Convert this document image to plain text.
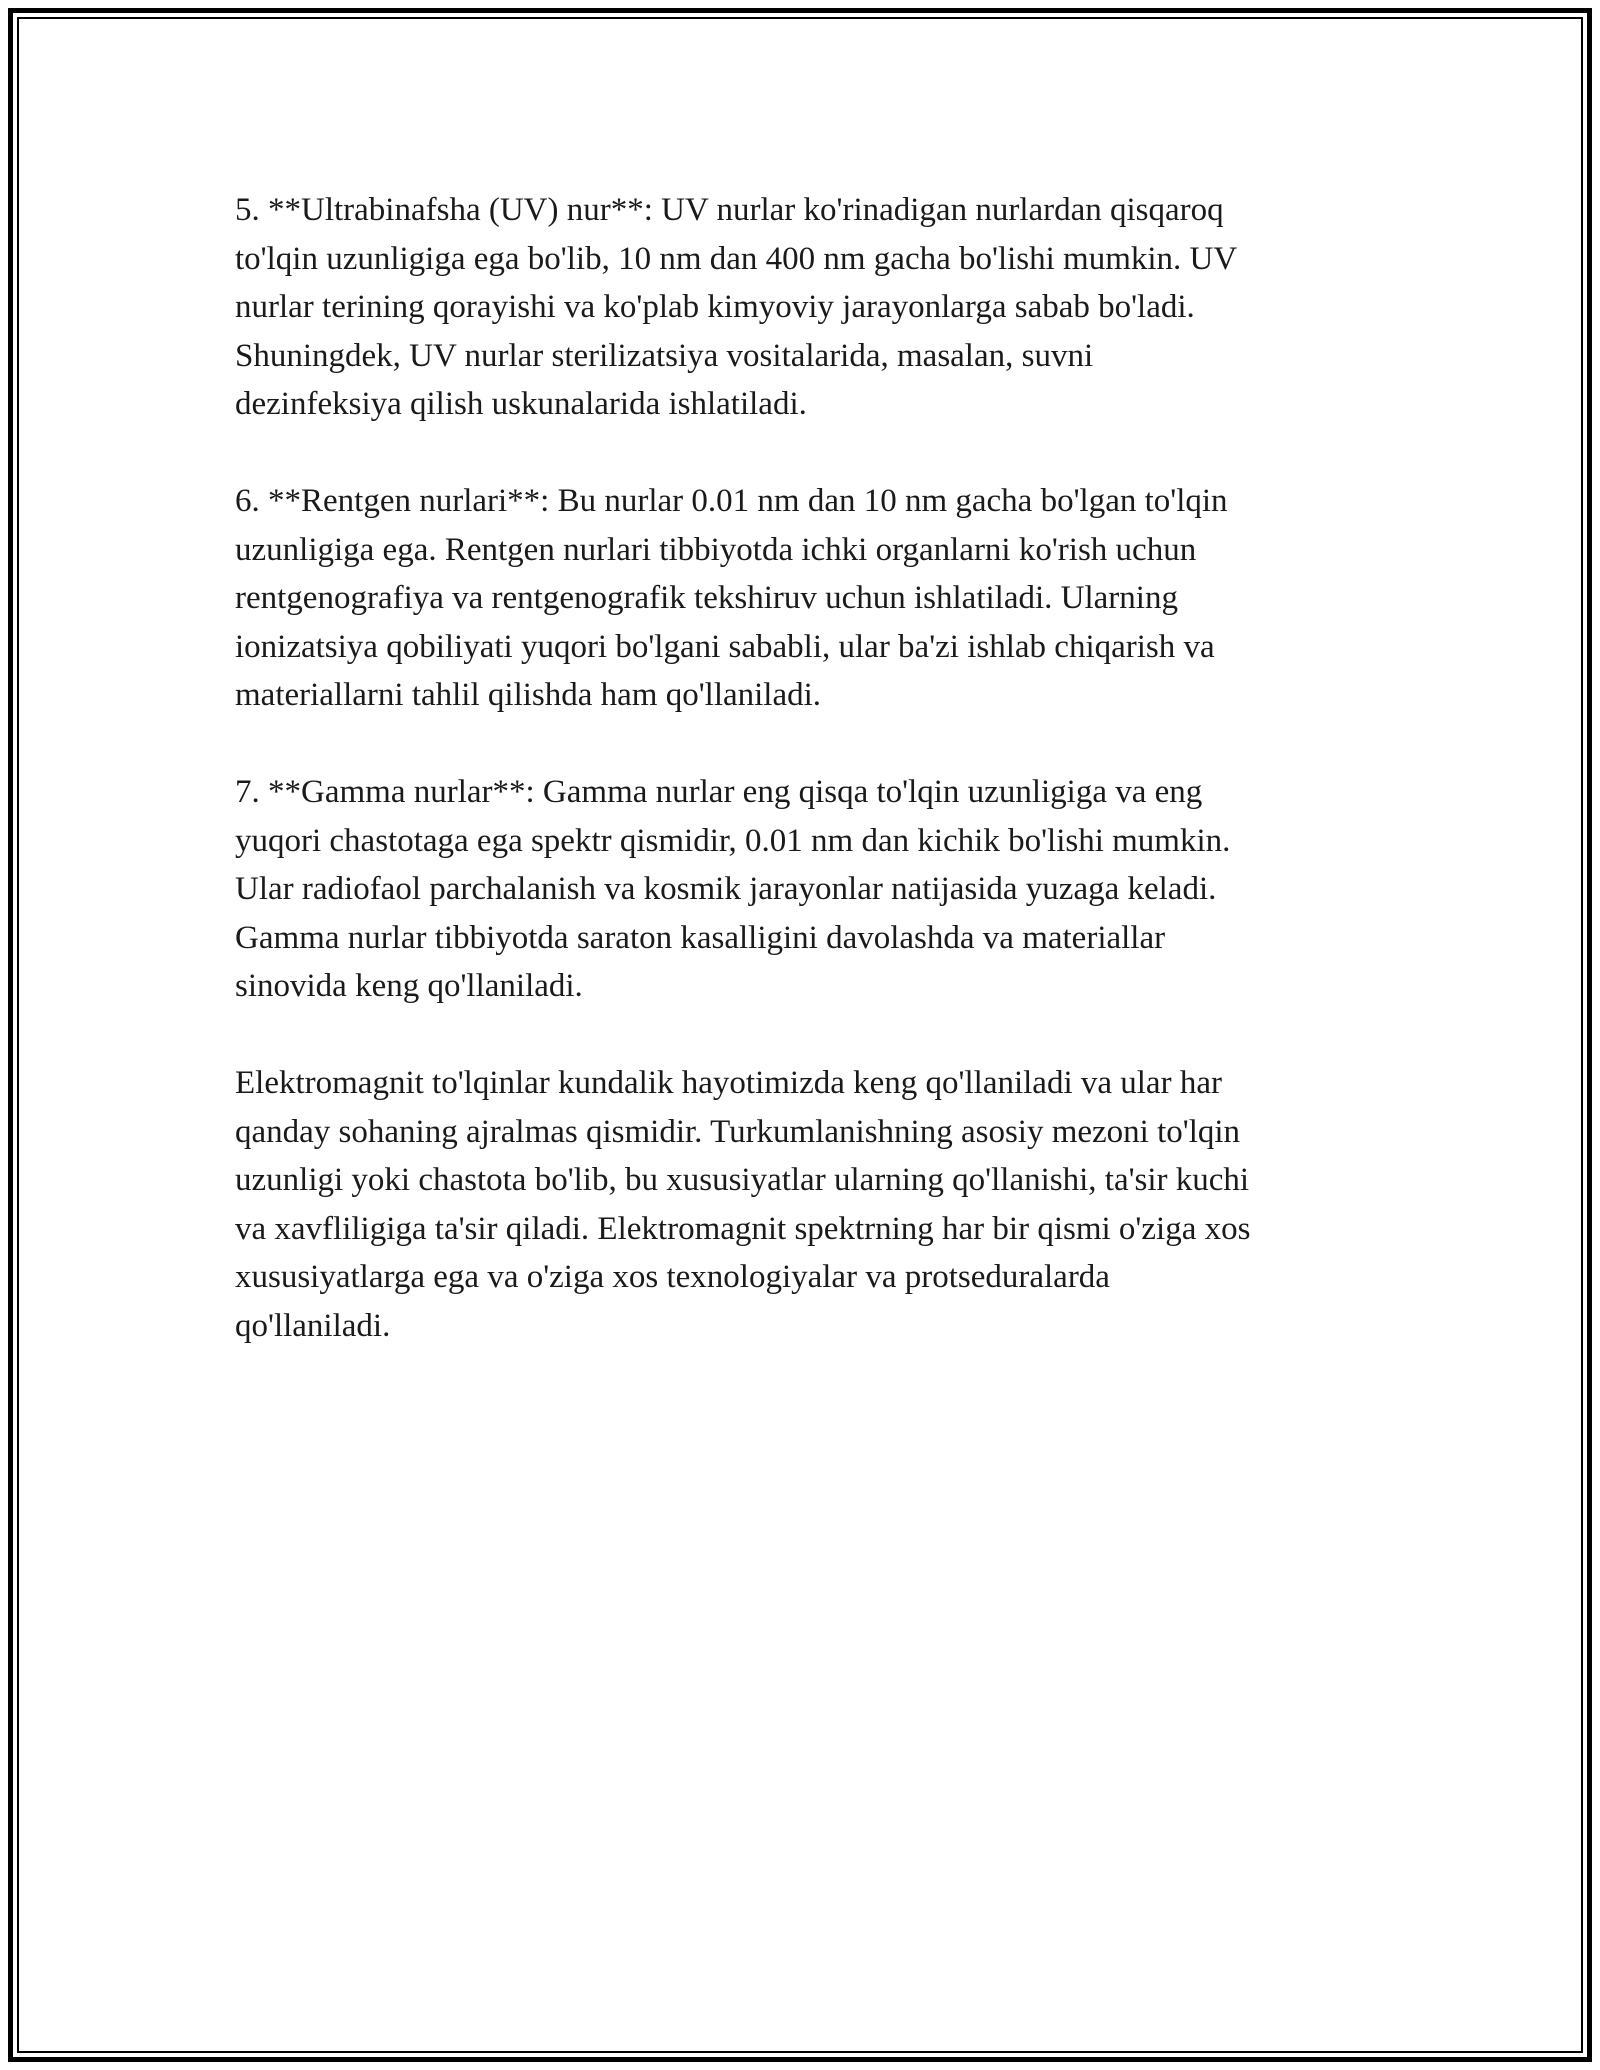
5. **Ultrabinafsha (UV) nur**: UV nurlar ko'rinadigan nurlardan qisqaroq
to'lqin uzunligiga ega bo'lib, 10 nm dan 400 nm gacha bo'lishi mumkin. UV
nurlar terining qorayishi va ko'plab kimyoviy jarayonlarga sabab bo'ladi.
Shuningdek, UV nurlar sterilizatsiya vositalarida, masalan, suvni
dezinfeksiya qilish uskunalarida ishlatiladi.

6. **Rentgen nurlari**: Bu nurlar 0.01 nm dan 10 nm gacha bo'lgan to'lqin
uzunligiga ega. Rentgen nurlari tibbiyotda ichki organlarni ko'rish uchun
rentgenografiya va rentgenografik tekshiruv uchun ishlatiladi. Ularning
ionizatsiya qobiliyati yuqori bo'lgani sababli, ular ba'zi ishlab chiqarish va
materiallarni tahlil qilishda ham qo'llaniladi.

7. **Gamma nurlar**: Gamma nurlar eng qisqa to'lqin uzunligiga va eng
yuqori chastotaga ega spektr qismidir, 0.01 nm dan kichik bo'lishi mumkin.
Ular radiofaol parchalanish va kosmik jarayonlar natijasida yuzaga keladi.
Gamma nurlar tibbiyotda saraton kasalligini davolashda va materiallar
sinovida keng qo'llaniladi.

Elektromagnit to'lqinlar kundalik hayotimizda keng qo'llaniladi va ular har
qanday sohaning ajralmas qismidir. Turkumlanishning asosiy mezoni to'lqin
uzunligi yoki chastota bo'lib, bu xususiyatlar ularning qo'llanishi, ta'sir kuchi
va xavfliligiga ta'sir qiladi. Elektromagnit spektrning har bir qismi o'ziga xos
xususiyatlarga ega va o'ziga xos texnologiyalar va protseduralarda
qo'llaniladi.
